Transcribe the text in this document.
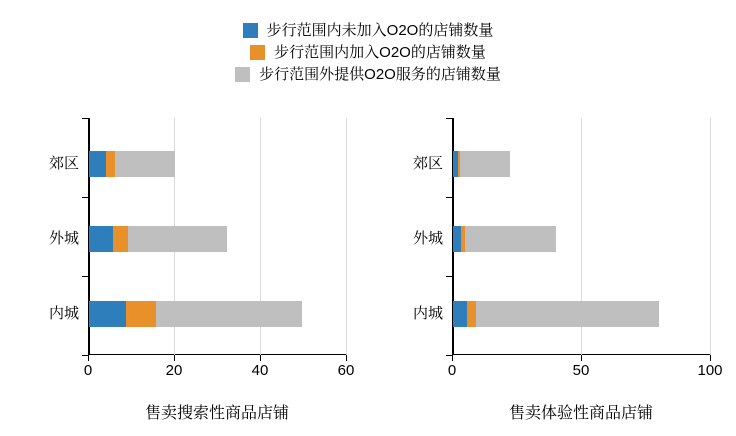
步行范围内未加入O2O的店铺数量
步行范围内加入O2O的店铺数量
步行范围外提供O2O服务的店铺数量
0	20	40	60
内城
外城
郊区
售卖搜索性商品店铺
0	50	100
内城
外城
郊区
售卖体验性商品店铺
